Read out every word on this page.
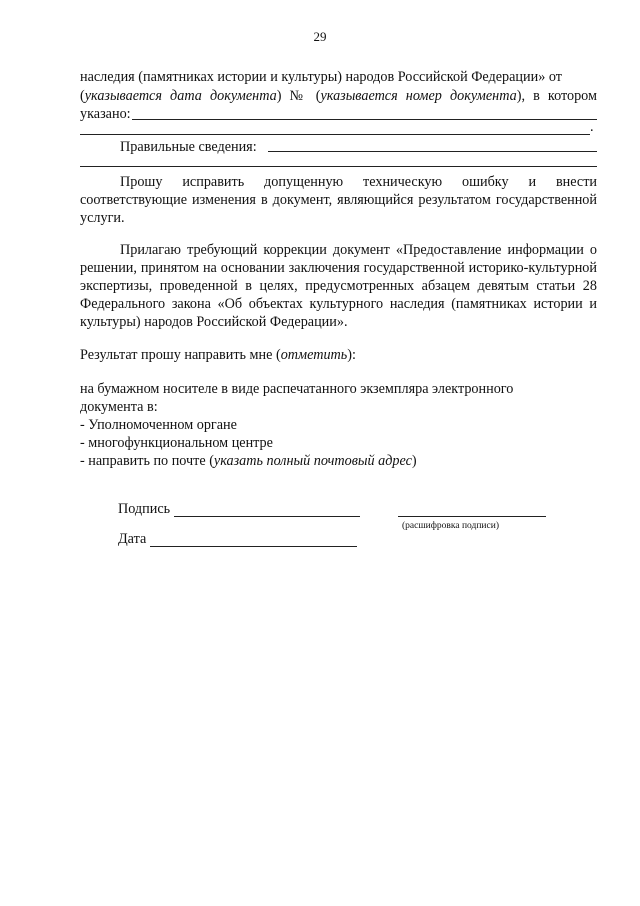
29
наследия (памятниках истории и культуры) народов Российской Федерации» от
(указывается дата документа) № (указывается номер документа), в котором
указано:
.
Правильные сведения:
Прошу исправить допущенную техническую ошибку и внести соответствующие изменения в документ, являющийся результатом государственной услуги.
Прилагаю требующий коррекции документ «Предоставление информации о решении, принятом на основании заключения государственной историко-культурной экспертизы, проведенной в целях, предусмотренных абзацем девятым статьи 28 Федерального закона «Об объектах культурного наследия (памятниках истории и культуры) народов Российской Федерации».
Результат прошу направить мне (отметить):
на бумажном носителе в виде распечатанного экземпляра электронного
документа в:
- Уполномоченном органе
- многофункциональном центре
- направить по почте (указать полный почтовый адрес)
Подпись
(расшифровка подписи)
Дата
